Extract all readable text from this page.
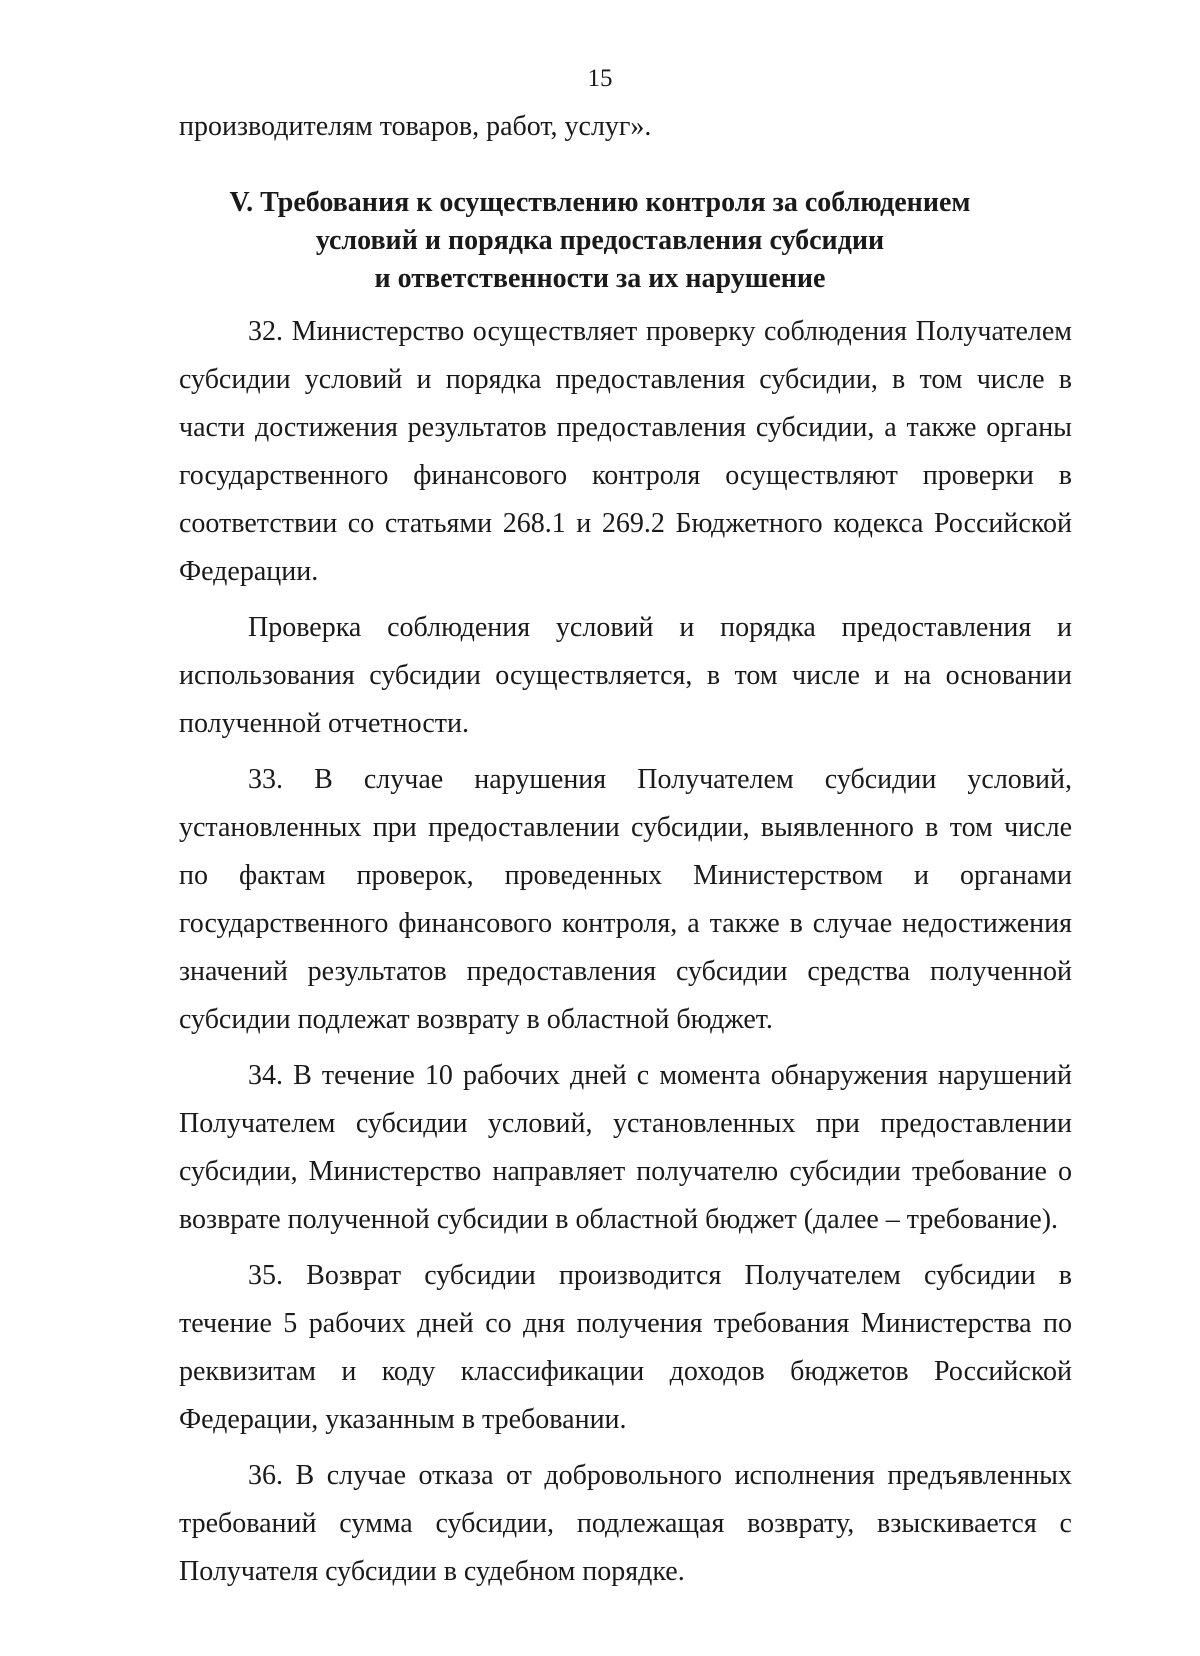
15
производителям товаров, работ, услуг».
V. Требования к осуществлению контроля за соблюдением
условий и порядка предоставления субсидии
и ответственности за их нарушение

32. Министерство осуществляет проверку соблюдения Получателем субсидии условий и порядка предоставления субсидии, в том числе в части достижения результатов предоставления субсидии, а также органы государственного финансового контроля осуществляют проверки в соответствии со статьями 268.1 и 269.2 Бюджетного кодекса Российской Федерации.

Проверка соблюдения условий и порядка предоставления и использования субсидии осуществляется, в том числе и на основании полученной отчетности.

33. В случае нарушения Получателем субсидии условий, установленных при предоставлении субсидии, выявленного в том числе по фактам проверок, проведенных Министерством и органами государственного финансового контроля, а также в случае недостижения значений результатов предоставления субсидии средства полученной субсидии подлежат возврату в областной бюджет.

34. В течение 10 рабочих дней с момента обнаружения нарушений Получателем субсидии условий, установленных при предоставлении субсидии, Министерство направляет получателю субсидии требование о возврате полученной субсидии в областной бюджет (далее – требование).

35. Возврат субсидии производится Получателем субсидии в течение 5 рабочих дней со дня получения требования Министерства по реквизитам и коду классификации доходов бюджетов Российской Федерации, указанным в требовании.

36. В случае отказа от добровольного исполнения предъявленных требований сумма субсидии, подлежащая возврату, взыскивается с Получателя субсидии в судебном порядке.
